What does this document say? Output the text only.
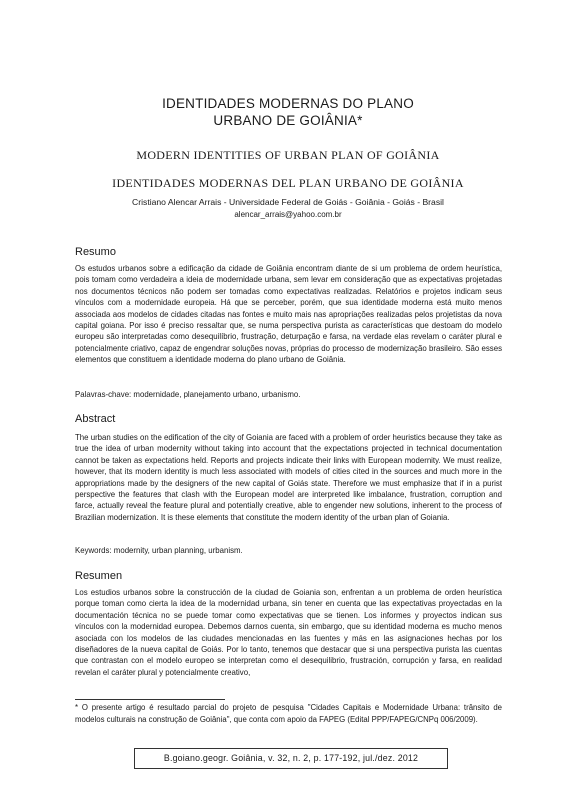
IDENTIDADES MODERNAS DO PLANO
URBANO DE GOIÂNIA*
MODERN IDENTITIES OF URBAN PLAN OF GOIÂNIA
IDENTIDADES MODERNAS DEL PLAN URBANO DE GOIÂNIA
Cristiano Alencar Arrais - Universidade Federal de Goiás - Goiânia - Goiás - Brasil
alencar_arrais@yahoo.com.br
Resumo

Os estudos urbanos sobre a edificação da cidade de Goiânia encontram diante de si um problema de ordem heurística, pois tomam como verdadeira a ideia de modernidade urbana, sem levar em consideração que as expectativas projetadas nos documentos técnicos não podem ser tomadas como expectativas realizadas. Relatórios e projetos indicam seus vínculos com a modernidade europeia. Há que se perceber, porém, que sua identidade moderna está muito menos associada aos modelos de cidades citadas nas fontes e muito mais nas apropriações realizadas pelos projetistas da nova capital goiana. Por isso é preciso ressaltar que, se numa perspectiva purista as características que destoam do modelo europeu são interpretadas como desequilíbrio, frustração, deturpação e farsa, na verdade elas revelam o caráter plural e potencialmente criativo, capaz de engendrar soluções novas, próprias do processo de modernização brasileiro. São esses elementos que constituem a identidade moderna do plano urbano de Goiânia.

Palavras-chave: modernidade, planejamento urbano, urbanismo.
Abstract

The urban studies on the edification of the city of Goiania are faced with a problem of order heuristics because they take as true the idea of urban modernity without taking into account that the expectations projected in technical documentation cannot be taken as expectations held. Reports and projects indicate their links with European modernity. We must realize, however, that its modern identity is much less associated with models of cities cited in the sources and much more in the appropriations made by the designers of the new capital of Goiás state. Therefore we must emphasize that if in a purist perspective the features that clash with the European model are interpreted like imbalance, frustration, corruption and farce, actually reveal the feature plural and potentially creative, able to engender new solutions, inherent to the process of Brazilian modernization. It is these elements that constitute the modern identity of the urban plan of Goiania.

Keywords: modernity, urban planning, urbanism.
Resumen

Los estudios urbanos sobre la construcción de la ciudad de Goiania son, enfrentan a un problema de orden heurística porque toman como cierta la idea de la modernidad urbana, sin tener en cuenta que las expectativas proyectadas en la documentación técnica no se puede tomar como expectativas que se tienen. Los informes y proyectos indican sus vínculos con la modernidad europea. Debemos darnos cuenta, sin embargo, que su identidad moderna es mucho menos asociada con los modelos de las ciudades mencionadas en las fuentes y más en las asignaciones hechas por los diseñadores de la nueva capital de Goiás. Por lo tanto, tenemos que destacar que si una perspectiva purista las cuentas que contrastan con el modelo europeo se interpretan como el desequilibrio, frustración, corrupción y farsa, en realidad revelan el caráter plural y potencialmente creativo,

* O presente artigo é resultado parcial do projeto de pesquisa "Cidades Capitais e Modernidade Urbana: trânsito de modelos culturais na construção de Goiânia", que conta com apoio da FAPEG (Edital PPP/FAPEG/CNPq 006/2009).

B.goiano.geogr. Goiânia, v. 32, n. 2, p. 177-192, jul./dez. 2012
